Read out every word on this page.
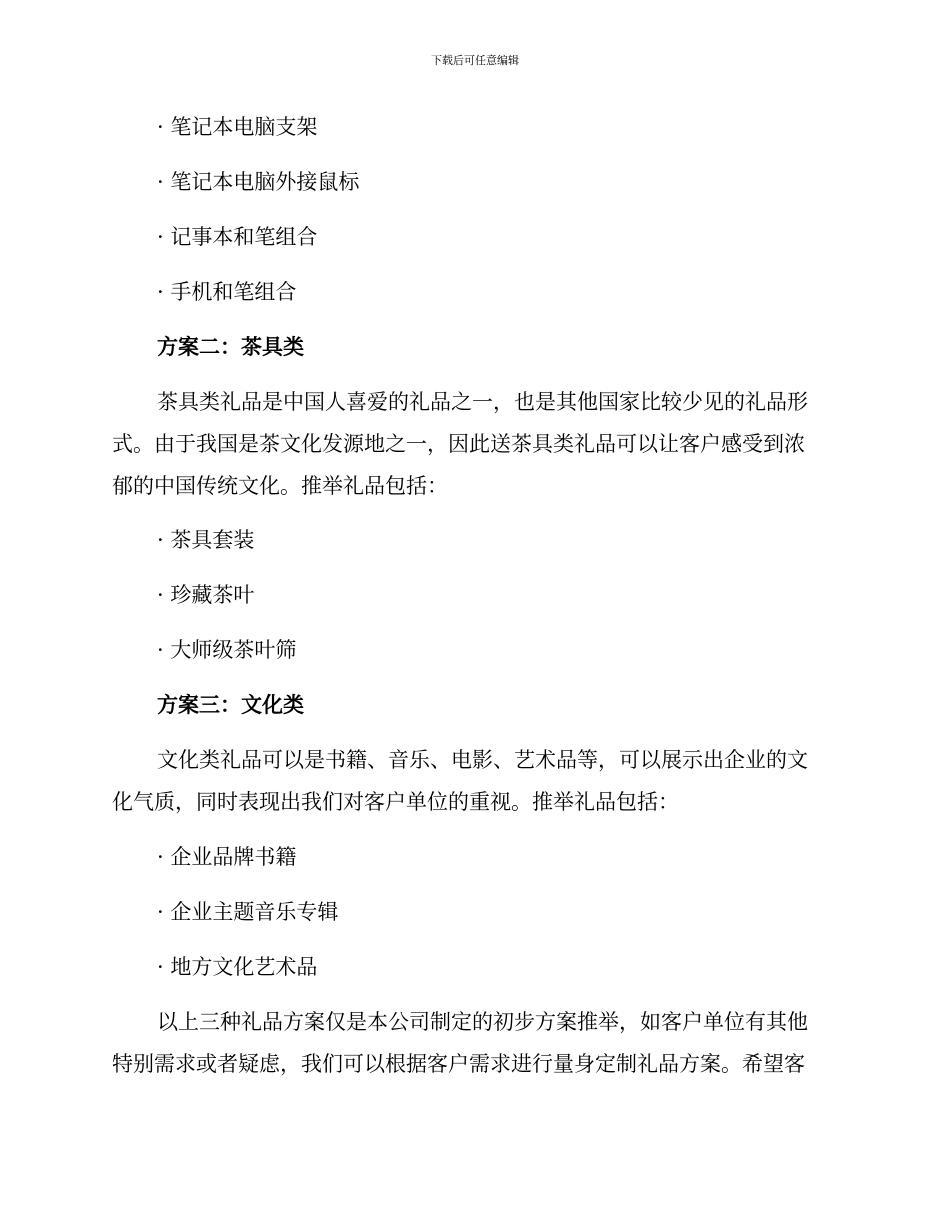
下载后可任意编辑
· 笔记本电脑支架
· 笔记本电脑外接鼠标
· 记事本和笔组合
· 手机和笔组合
方案二：茶具类
茶具类礼品是中国人喜爱的礼品之一，也是其他国家比较少见的礼品形
式。由于我国是茶文化发源地之一，因此送茶具类礼品可以让客户感受到浓
郁的中国传统文化。推举礼品包括：
· 茶具套装
· 珍藏茶叶
· 大师级茶叶筛
方案三：文化类
文化类礼品可以是书籍、音乐、电影、艺术品等，可以展示出企业的文
化气质，同时表现出我们对客户单位的重视。推举礼品包括：
· 企业品牌书籍
· 企业主题音乐专辑
· 地方文化艺术品
以上三种礼品方案仅是本公司制定的初步方案推举，如客户单位有其他
特别需求或者疑虑，我们可以根据客户需求进行量身定制礼品方案。希望客
